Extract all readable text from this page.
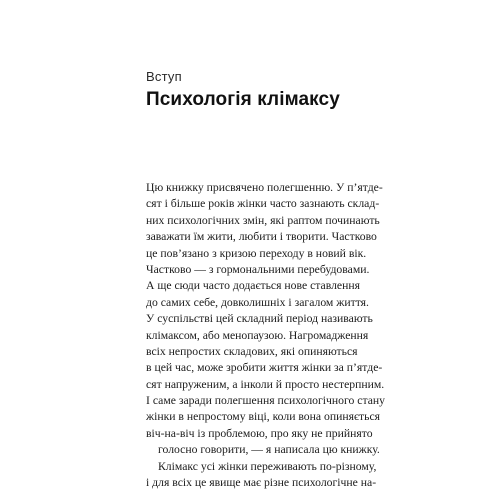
Вступ
Психологія клімаксу
Цю книжку присвячено полегшенню. У п’ятде-
сят і більше років жінки часто зазнають склад-
них психологічних змін, які раптом починають
заважати їм жити, любити і творити. Частково
це пов’язано з кризою переходу в новий вік.
Частково — з гормональними перебудовами.
А ще сюди часто додається нове ставлення
до самих себе, довколишніх і загалом життя.
У суспільстві цей складний період називають
клімаксом, або менопаузою. Нагромадження
всіх непростих складових, які опиняються
в цей час, може зробити життя жінки за п’ятде-
сят напруженим, а інколи й просто нестерпним.
І саме заради полегшення психологічного стану
жінки в непростому віці, коли вона опиняється
віч-на-віч із проблемою, про яку не прийнято
голосно говорити, — я написала цю книжку.
Клімакс усі жінки переживають по-різному,
і для всіх це явище має різне психологічне на-
